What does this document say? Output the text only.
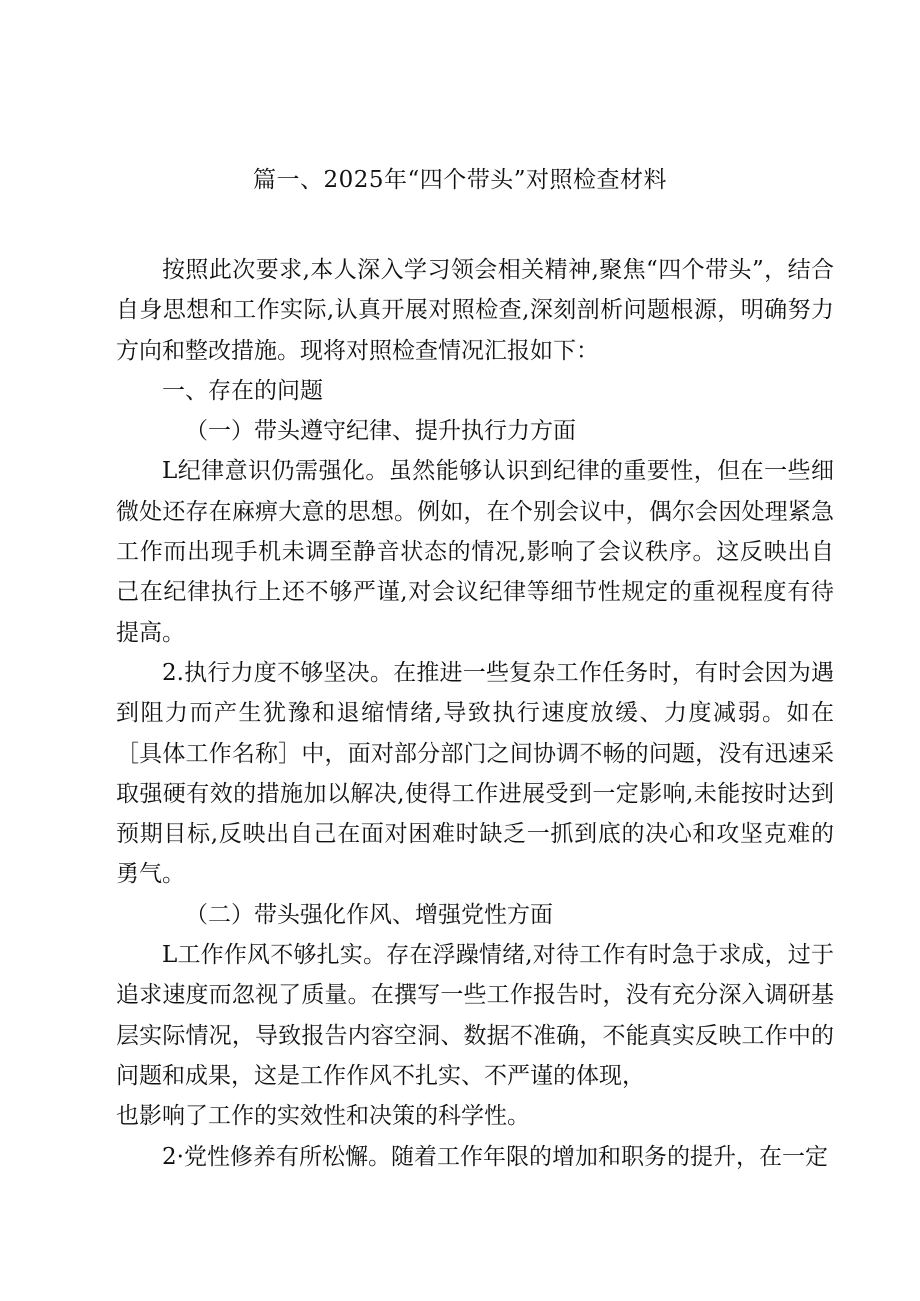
篇一、2025年“四个带头”对照检查材料

按照此次要求,本人深入学习领会相关精神,聚焦“四个带头”，结合自身思想和工作实际,认真开展对照检查,深刻剖析问题根源，明确努力方向和整改措施。现将对照检查情况汇报如下：

一、存在的问题

（一）带头遵守纪律、提升执行力方面

L纪律意识仍需强化。虽然能够认识到纪律的重要性，但在一些细微处还存在麻痹大意的思想。例如，在个别会议中，偶尔会因处理紧急工作而出现手机未调至静音状态的情况,影响了会议秩序。这反映出自己在纪律执行上还不够严谨,对会议纪律等细节性规定的重视程度有待提高。

2.执行力度不够坚决。在推进一些复杂工作任务时，有时会因为遇到阻力而产生犹豫和退缩情绪,导致执行速度放缓、力度减弱。如在［具体工作名称］中，面对部分部门之间协调不畅的问题，没有迅速采取强硬有效的措施加以解决,使得工作进展受到一定影响,未能按时达到预期目标,反映出自己在面对困难时缺乏一抓到底的决心和攻坚克难的勇气。

（二）带头强化作风、增强党性方面

L工作作风不够扎实。存在浮躁情绪,对待工作有时急于求成，过于追求速度而忽视了质量。在撰写一些工作报告时，没有充分深入调研基层实际情况，导致报告内容空洞、数据不准确，不能真实反映工作中的问题和成果，这是工作作风不扎实、不严谨的体现，

也影响了工作的实效性和决策的科学性。

2·党性修养有所松懈。随着工作年限的增加和职务的提升，在一定
